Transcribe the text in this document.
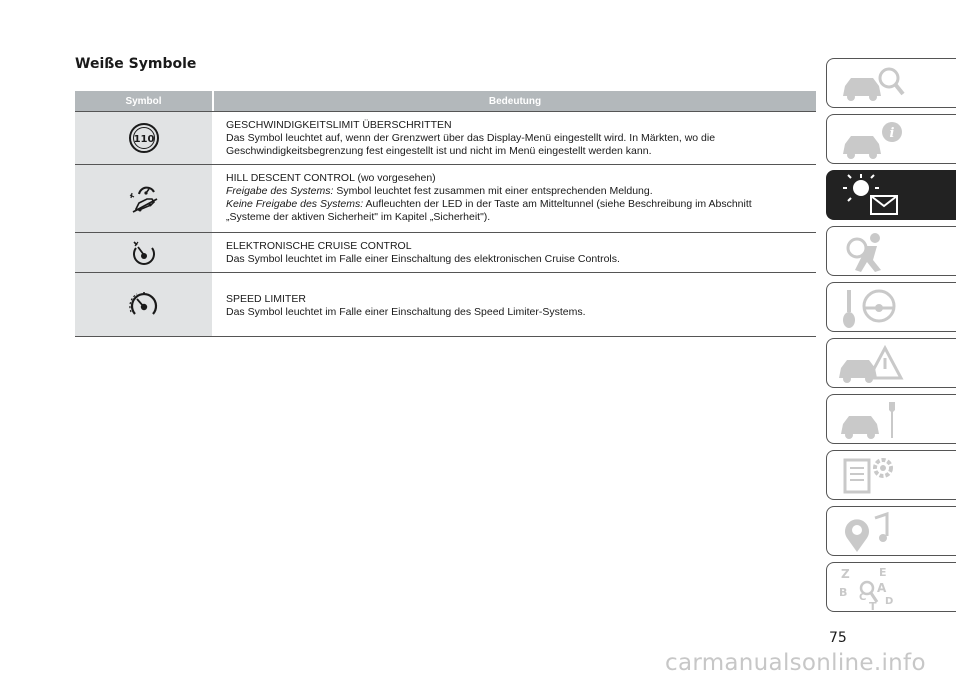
Weiße Symbole
Symbol	Bedeutung
110
GESCHWINDIGKEITSLIMIT ÜBERSCHRITTEN
Das Symbol leuchtet auf, wenn der Grenzwert über das Display-Menü eingestellt wird. In Märkten, wo die
Geschwindigkeitsbegrenzung fest eingestellt ist und nicht im Menü eingestellt werden kann.
HILL DESCENT CONTROL (wo vorgesehen)
Freigabe des Systems: Symbol leuchtet fest zusammen mit einer entsprechenden Meldung.
Keine Freigabe des Systems: Aufleuchten der LED in der Taste am Mitteltunnel (siehe Beschreibung im Abschnitt
„Systeme der aktiven Sicherheit" im Kapitel „Sicherheit").
ELEKTRONISCHE CRUISE CONTROL
Das Symbol leuchtet im Falle einer Einschaltung des elektronischen Cruise Controls.
SPEED LIMITER
Das Symbol leuchtet im Falle einer Einschaltung des Speed Limiter-Systems.
i
Z	E
B A
C D
T
75
carmanualsonline.info
